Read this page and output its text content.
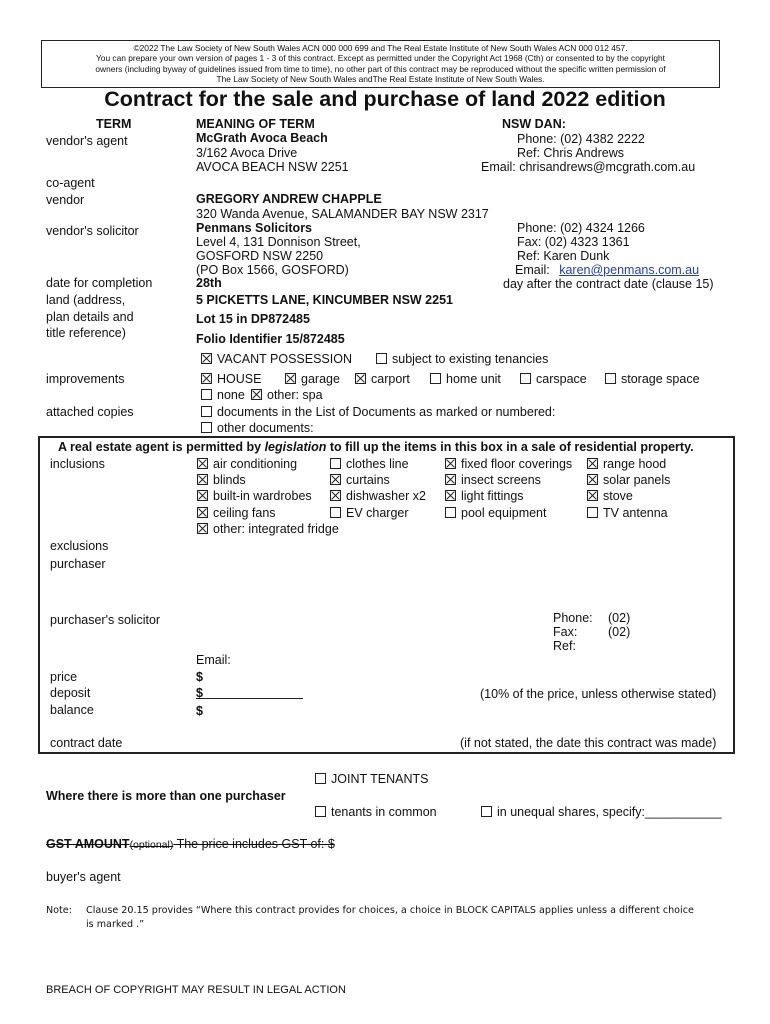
©2022 The Law Society of New South Wales ACN 000 000 699 and The Real Estate Institute of New South Wales ACN 000 012 457.
You can prepare your own version of pages 1 - 3 of this contract. Except as permitted under the Copyright Act 1968 (Cth) or consented to by the copyright
owners (including byway of guidelines issued from time to time), no other part of this contract may be reproduced without the specific written permission of
The Law Society of New South Wales andThe Real Estate Institute of New South Wales.
Contract for the sale and purchase of land 2022 edition
TERM	MEANING OF TERM	NSW DAN:
vendor's agent	McGrath Avoca Beach
3/162 Avoca Drive
AVOCA BEACH NSW 2251
Phone: (02) 4382 2222
Ref: Chris Andrews
Email: chrisandrews@mcgrath.com.au
co-agent
vendor	GREGORY ANDREW CHAPPLE
320 Wanda Avenue, SALAMANDER BAY NSW 2317
vendor's solicitor	Penmans Solicitors
Level 4, 131 Donnison Street,
GOSFORD NSW 2250
(PO Box 1566, GOSFORD)
Phone: (02) 4324 1266
Fax: (02) 4323 1361
Ref: Karen Dunk
Email: karen@penmans.com.au
date for completion	28th	day after the contract date (clause 15)
land (address,
plan details and
title reference)
5 PICKETTS LANE, KINCUMBER NSW 2251
Lot 15 in DP872485
Folio Identifier 15/872485
VACANT POSSESSION	subject to existing tenancies
improvements	HOUSE	garage	carport	home unit	carspace	storage space
none	other: spa
attached copies	documents in the List of Documents as marked or numbered:
other documents:
A real estate agent is permitted by legislation to fill up the items in this box in a sale of residential property.
inclusions	air conditioning	clothes line	fixed floor coverings	range hood
blinds	curtains	insect screens	solar panels
built-in wardrobes	dishwasher x2	light fittings	stove
ceiling fans	EV charger	pool equipment	TV antenna
other: integrated fridge
exclusions
purchaser
purchaser's solicitor	Phone: (02)
Fax: (02)
Ref:
Email:
price	$
deposit	$	(10% of the price, unless otherwise stated)
balance	$
contract date	(if not stated, the date this contract was made)
JOINT TENANTS
Where there is more than one purchaser
tenants in common	in unequal shares, specify:___________
GST AMOUNT(optional) The price includes GST of: $
buyer's agent
Note: Clause 20.15 provides “Where this contract provides for choices, a choice in BLOCK CAPITALS applies unless a different choice
is marked .”
BREACH OF COPYRIGHT MAY RESULT IN LEGAL ACTION
